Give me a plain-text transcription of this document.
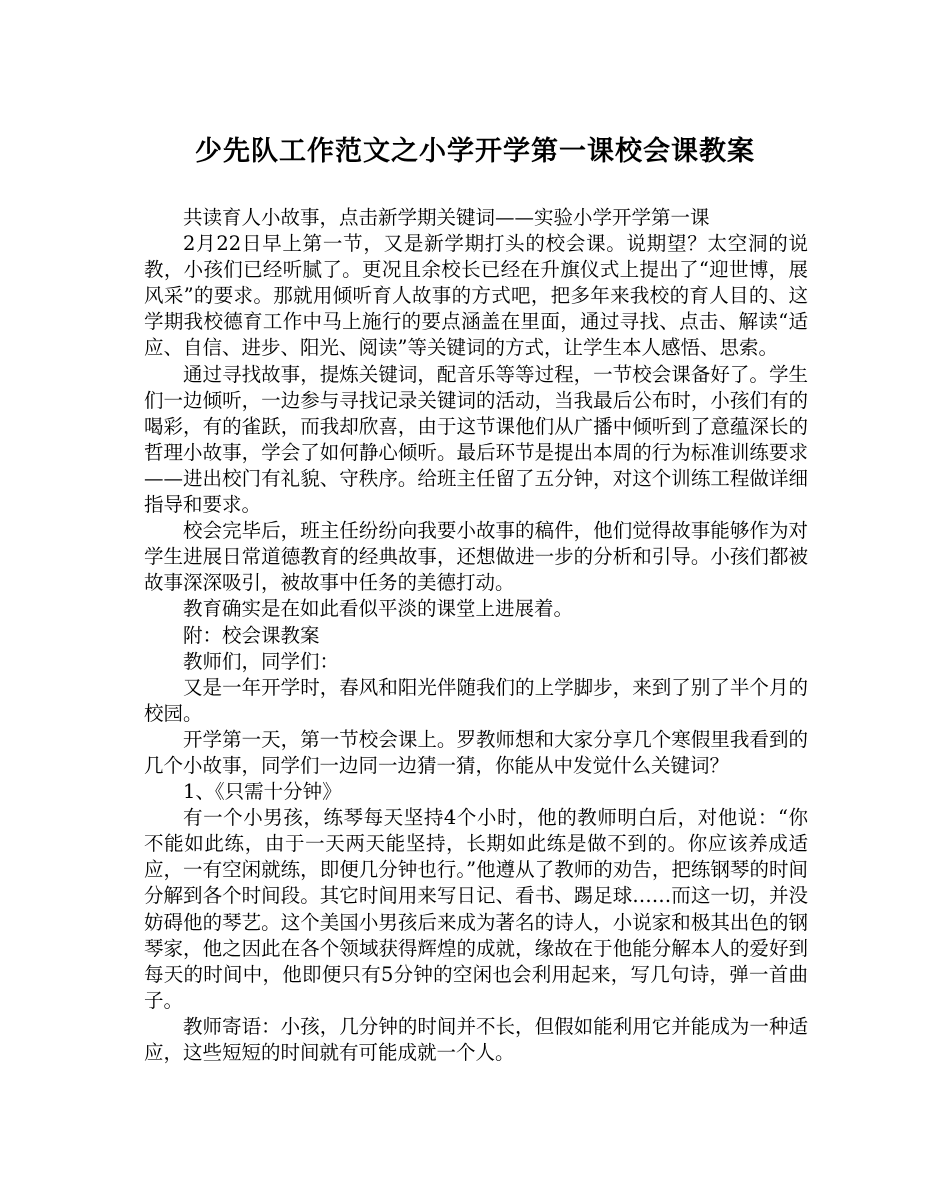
少先队工作范文之小学开学第一课校会课教案

共读育人小故事，点击新学期关键词——实验小学开学第一课

2月22日早上第一节，又是新学期打头的校会课。说期望？太空洞的说教，小孩们已经听腻了。更况且余校长已经在升旗仪式上提出了“迎世博，展风采”的要求。那就用倾听育人故事的方式吧，把多年来我校的育人目的、这学期我校德育工作中马上施行的要点涵盖在里面，通过寻找、点击、解读“适应、自信、进步、阳光、阅读”等关键词的方式，让学生本人感悟、思索。

通过寻找故事，提炼关键词，配音乐等等过程，一节校会课备好了。学生们一边倾听，一边参与寻找记录关键词的活动，当我最后公布时，小孩们有的喝彩，有的雀跃，而我却欣喜，由于这节课他们从广播中倾听到了意蕴深长的哲理小故事，学会了如何静心倾听。最后环节是提出本周的行为标准训练要求——进出校门有礼貌、守秩序。给班主任留了五分钟，对这个训练工程做详细指导和要求。

校会完毕后，班主任纷纷向我要小故事的稿件，他们觉得故事能够作为对学生进展日常道德教育的经典故事，还想做进一步的分析和引导。小孩们都被故事深深吸引，被故事中任务的美德打动。

教育确实是在如此看似平淡的课堂上进展着。

附：校会课教案

教师们，同学们：

又是一年开学时，春风和阳光伴随我们的上学脚步，来到了别了半个月的校园。

开学第一天，第一节校会课上。罗教师想和大家分享几个寒假里我看到的几个小故事，同学们一边同一边猜一猜，你能从中发觉什么关键词？

1、《只需十分钟》

有一个小男孩，练琴每天坚持4个小时，他的教师明白后，对他说：“你不能如此练，由于一天两天能坚持，长期如此练是做不到的。你应该养成适应，一有空闲就练，即便几分钟也行。”他遵从了教师的劝告，把练钢琴的时间分解到各个时间段。其它时间用来写日记、看书、踢足球……而这一切，并没妨碍他的琴艺。这个美国小男孩后来成为著名的诗人，小说家和极其出色的钢琴家，他之因此在各个领域获得辉煌的成就，缘故在于他能分解本人的爱好到每天的时间中，他即便只有5分钟的空闲也会利用起来，写几句诗，弹一首曲子。

教师寄语：小孩，几分钟的时间并不长，但假如能利用它并能成为一种适应，这些短短的时间就有可能成就一个人。
